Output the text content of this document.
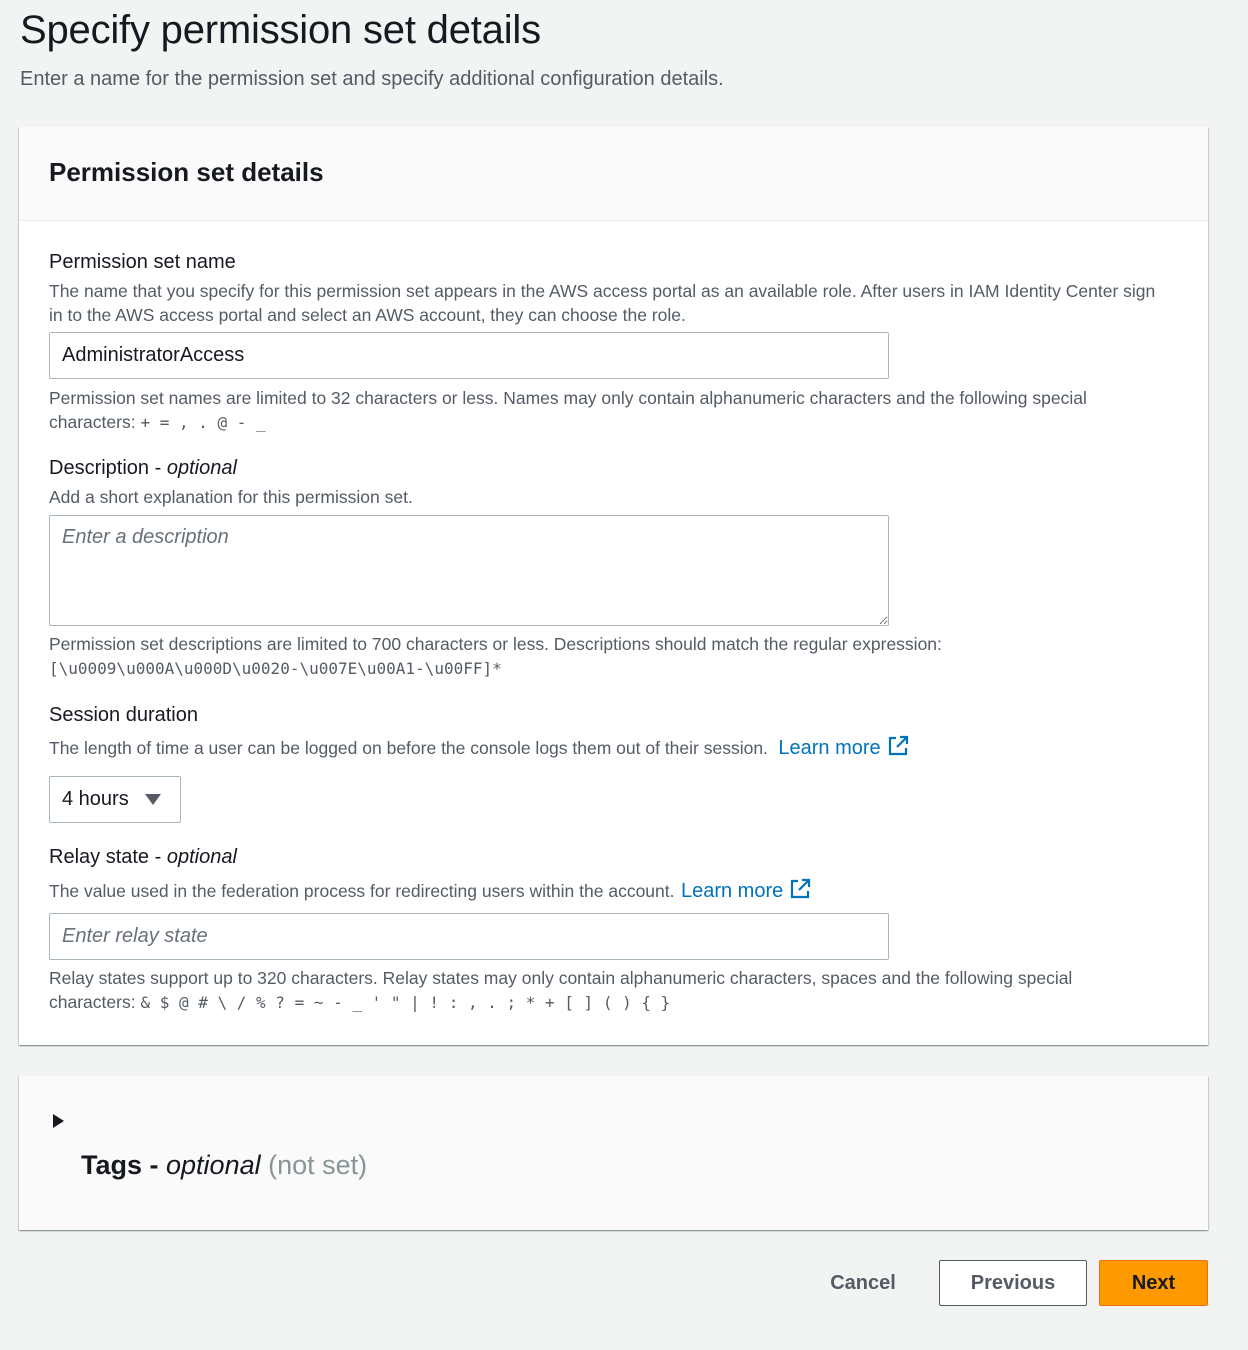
Specify permission set details

Enter a name for the permission set and specify additional configuration details.

Permission set details
Permission set name
The name that you specify for this permission set appears in the AWS access portal as an available role. After users in IAM Identity Center sign in to the AWS access portal and select an AWS account, they can choose the role.
AdministratorAccess
Permission set names are limited to 32 characters or less. Names may only contain alphanumeric characters and the following special characters: + = , . @ - _
Description - optional
Add a short explanation for this permission set.
Enter a description
Permission set descriptions are limited to 700 characters or less. Descriptions should match the regular expression:
[\u0009\u000A\u000D\u0020-\u007E\u00A1-\u00FF]*
Session duration
The length of time a user can be logged on before the console logs them out of their session. Learn more
4 hours
Relay state - optional
The value used in the federation process for redirecting users within the account. Learn more
Enter relay state
Relay states support up to 320 characters. Relay states may only contain alphanumeric characters, spaces and the following special characters: & $ @ # \ / % ? = ~ - _ ' " | ! : , . ; * + [ ] ( ) { }
Tags - optional (not set)
Cancel	Previous	Next
